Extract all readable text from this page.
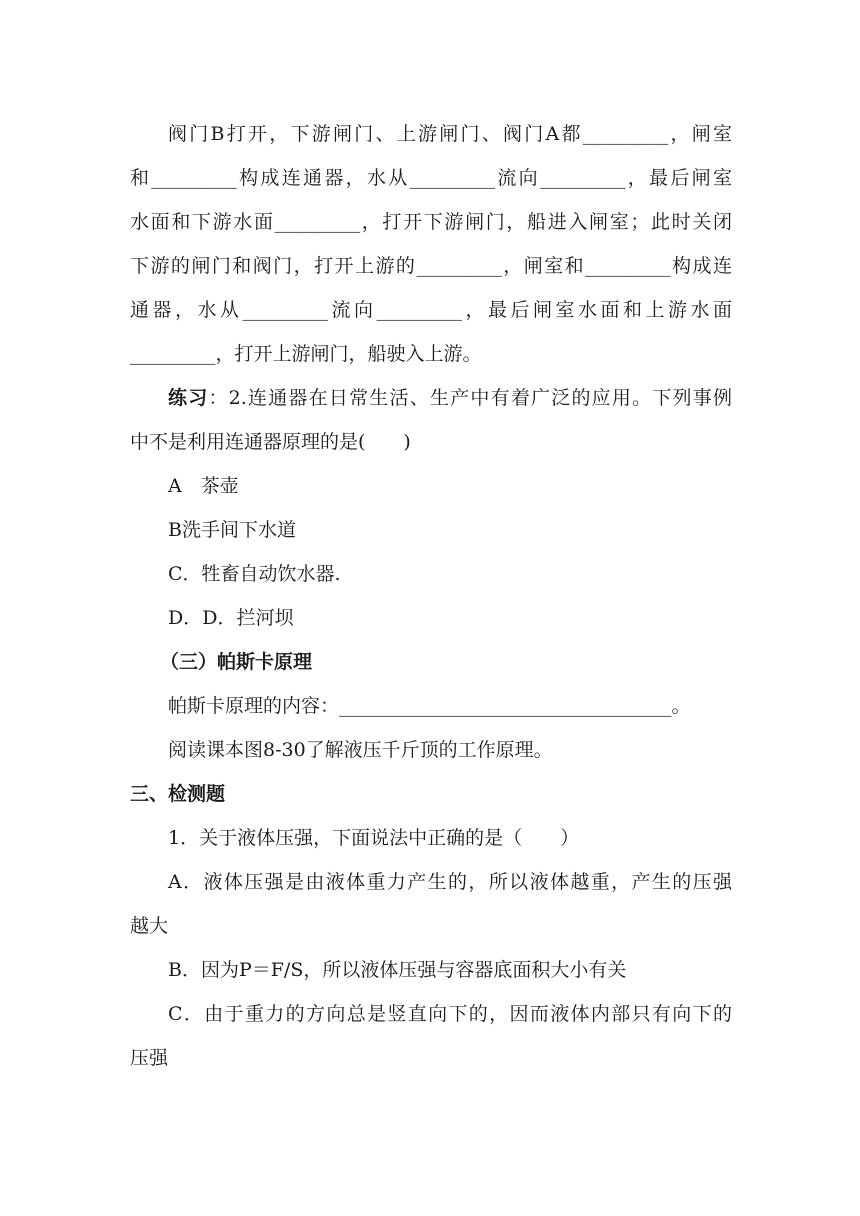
阀门B打开，下游闸门、上游闸门、阀门A都_________，闸室
和_________构成连通器，水从_________流向_________，最后闸室
水面和下游水面_________，打开下游闸门，船进入闸室；此时关闭
下游的闸门和阀门，打开上游的_________，闸室和_________构成连
通器，水从_________流向_________，最后闸室水面和上游水面
_________，打开上游闸门，船驶入上游。
练习：2.连通器在日常生活、生产中有着广泛的应用。下列事例
中不是利用连通器原理的是( )
A　茶壶
B洗手间下水道
C．牲畜自动饮水器.
D．D．拦河坝
（三）帕斯卡原理
帕斯卡原理的内容：___________________________________。
阅读课本图8-30了解液压千斤顶的工作原理。
三、检测题
1．关于液体压强，下面说法中正确的是（ ）
A．液体压强是由液体重力产生的，所以液体越重，产生的压强
越大
B．因为P＝F/S，所以液体压强与容器底面积大小有关
C．由于重力的方向总是竖直向下的，因而液体内部只有向下的
压强
